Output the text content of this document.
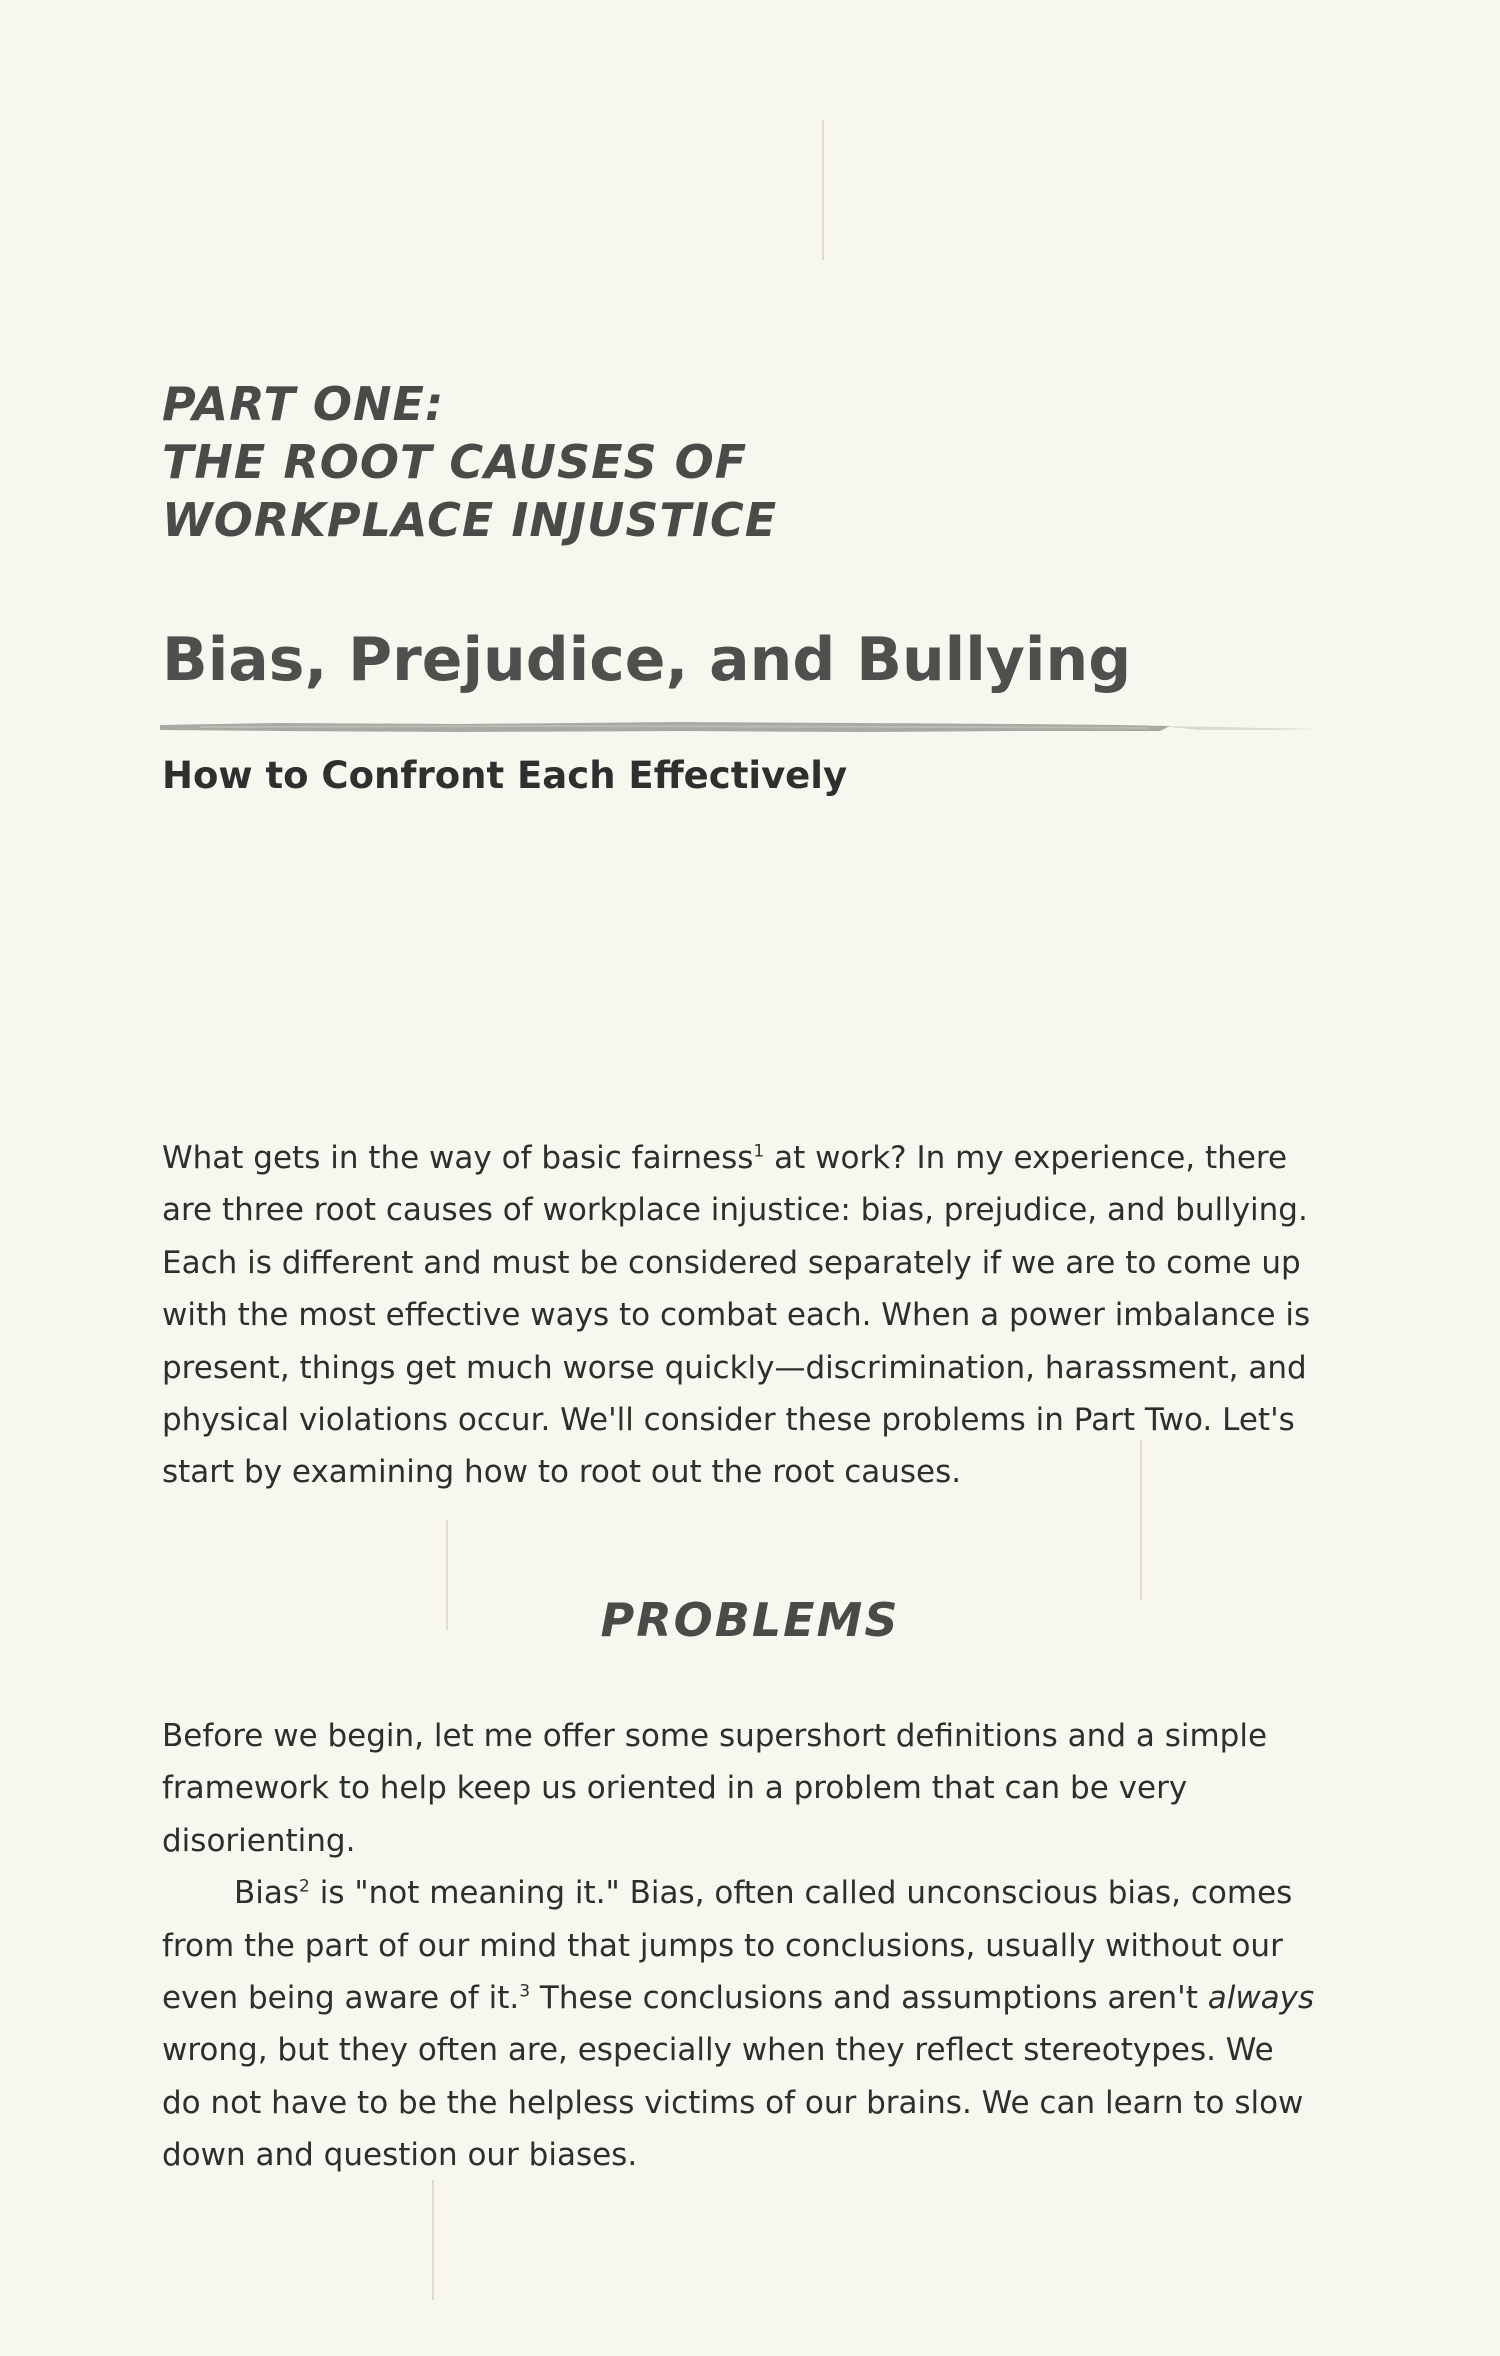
PART ONE:
THE ROOT CAUSES OF
WORKPLACE INJUSTICE
Bias, Prejudice, and Bullying
How to Confront Each Effectively

What gets in the way of basic fairness$^1$ at work? In my experience, there
are three root causes of workplace injustice: bias, prejudice, and bullying.
Each is different and must be considered separately if we are to come up
with the most effective ways to combat each. When a power imbalance is
present, things get much worse quickly—discrimination, harassment, and
physical violations occur. We'll consider these problems in Part Two. Let's
start by examining how to root out the root causes.

PROBLEMS

Before we begin, let me offer some supershort definitions and a simple
framework to help keep us oriented in a problem that can be very
disorienting.

Bias$^2$ is "not meaning it." Bias, often called unconscious bias, comes
from the part of our mind that jumps to conclusions, usually without our
even being aware of it.$^3$ These conclusions and assumptions aren't always
wrong, but they often are, especially when they reflect stereotypes. We
do not have to be the helpless victims of our brains. We can learn to slow
down and question our biases.
